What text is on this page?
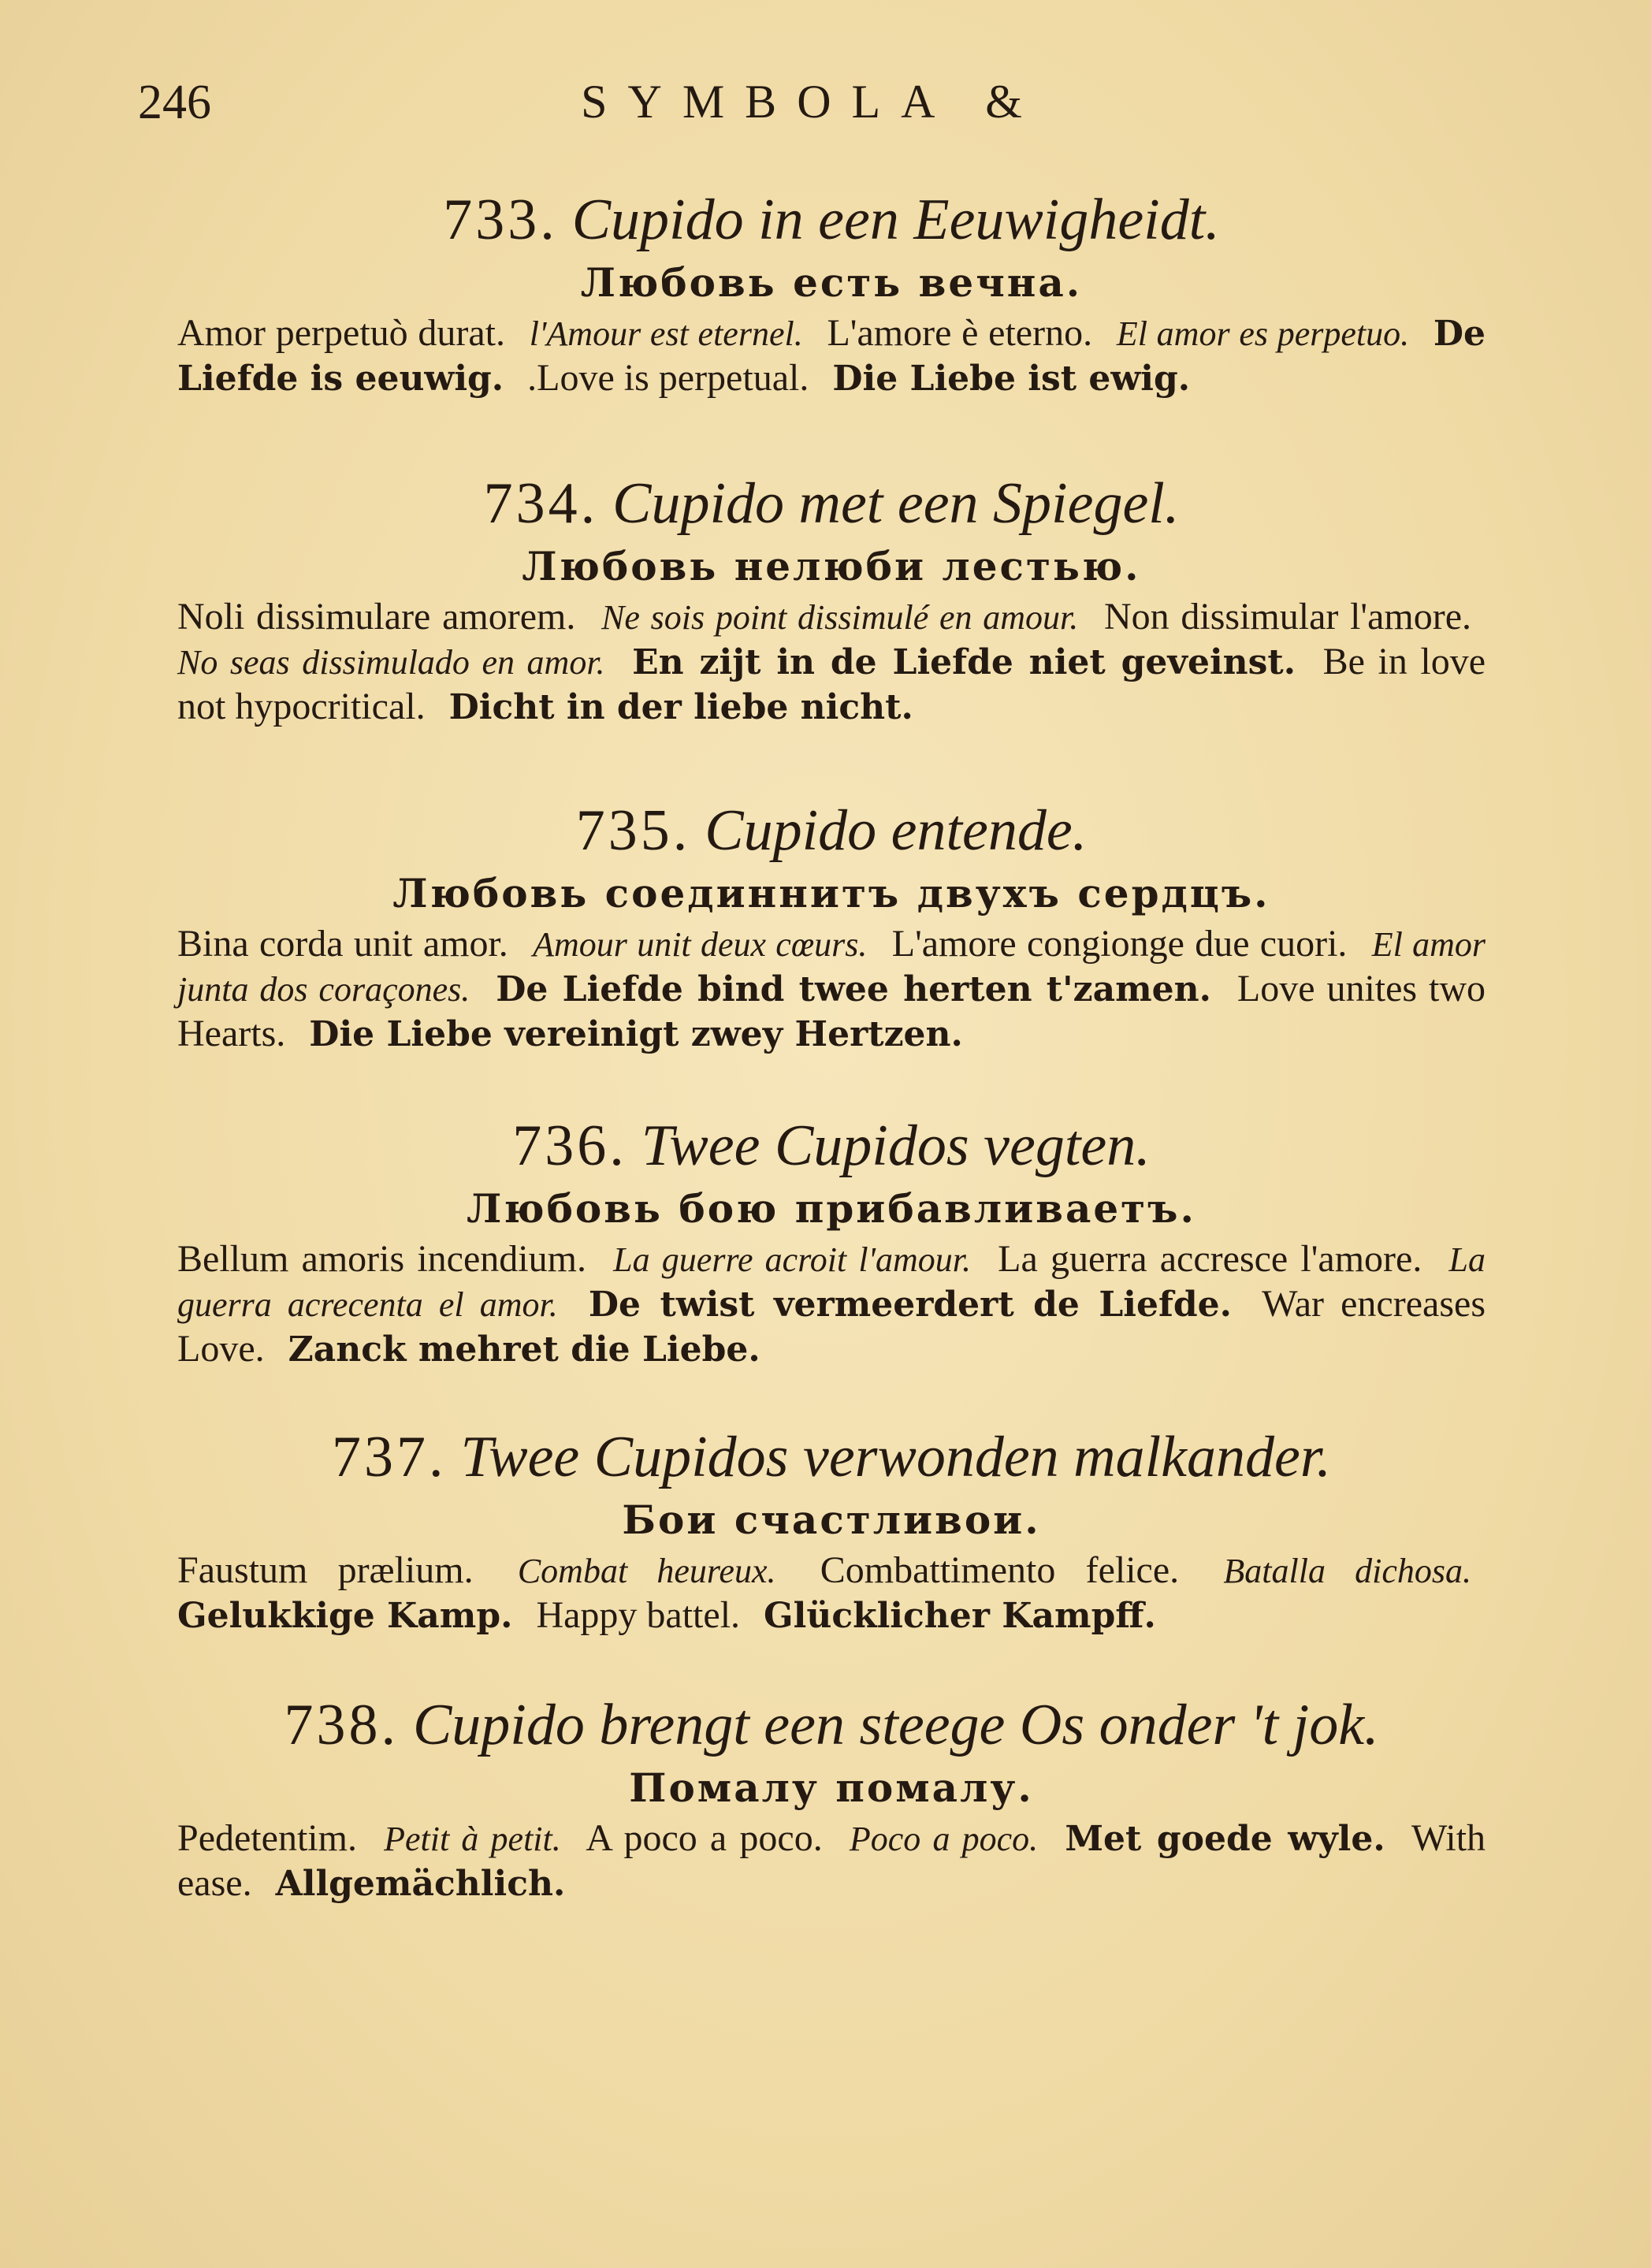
246	SYMBOLA &
733. Cupido in een Eeuwigheidt.
Любовь есть вечна.
Amor perpetuò durat. l'Amour est eternel. L'amore è eterno. El amor es perpetuo. De Liefde is eeuwig. .Love is perpetual. Die Liebe ist ewig.
734. Cupido met een Spiegel.
Любовь нелюби лестью.
Noli dissimulare amorem. Ne sois point dissimulé en amour. Non dissimular l'amore. No seas dissimulado en amor. En zijt in de Liefde niet geveinst. Be in love not hypocritical. Dicht in der liebe nicht.
735. Cupido entende.
Любовь соединнитъ двухъ сердцъ.
Bina corda unit amor. Amour unit deux cœurs. L'amore congionge due cuori. El amor junta dos coraçones. De Liefde bind twee herten t'zamen. Love unites two Hearts. Die Liebe vereinigt zwey Hertzen.
736. Twee Cupidos vegten.
Любовь бою прибавливаетъ.
Bellum amoris incendium. La guerre acroit l'amour. La guerra accresce l'amore. La guerra acrecenta el amor. De twist vermeerdert de Liefde. War encreases Love. Zanck mehret die Liebe.
737. Twee Cupidos verwonden malkander.
Бои счастливои.
Faustum prælium. Combat heureux. Combattimento felice. Batalla dichosa. Gelukkige Kamp. Happy battel. Glücklicher Kampff.
738. Cupido brengt een steege Os onder 't jok.
Помалу помалу.
Pedetentim. Petit à petit. A poco a poco. Poco a poco. Met goede wyle. With ease. Allgemächlich.
